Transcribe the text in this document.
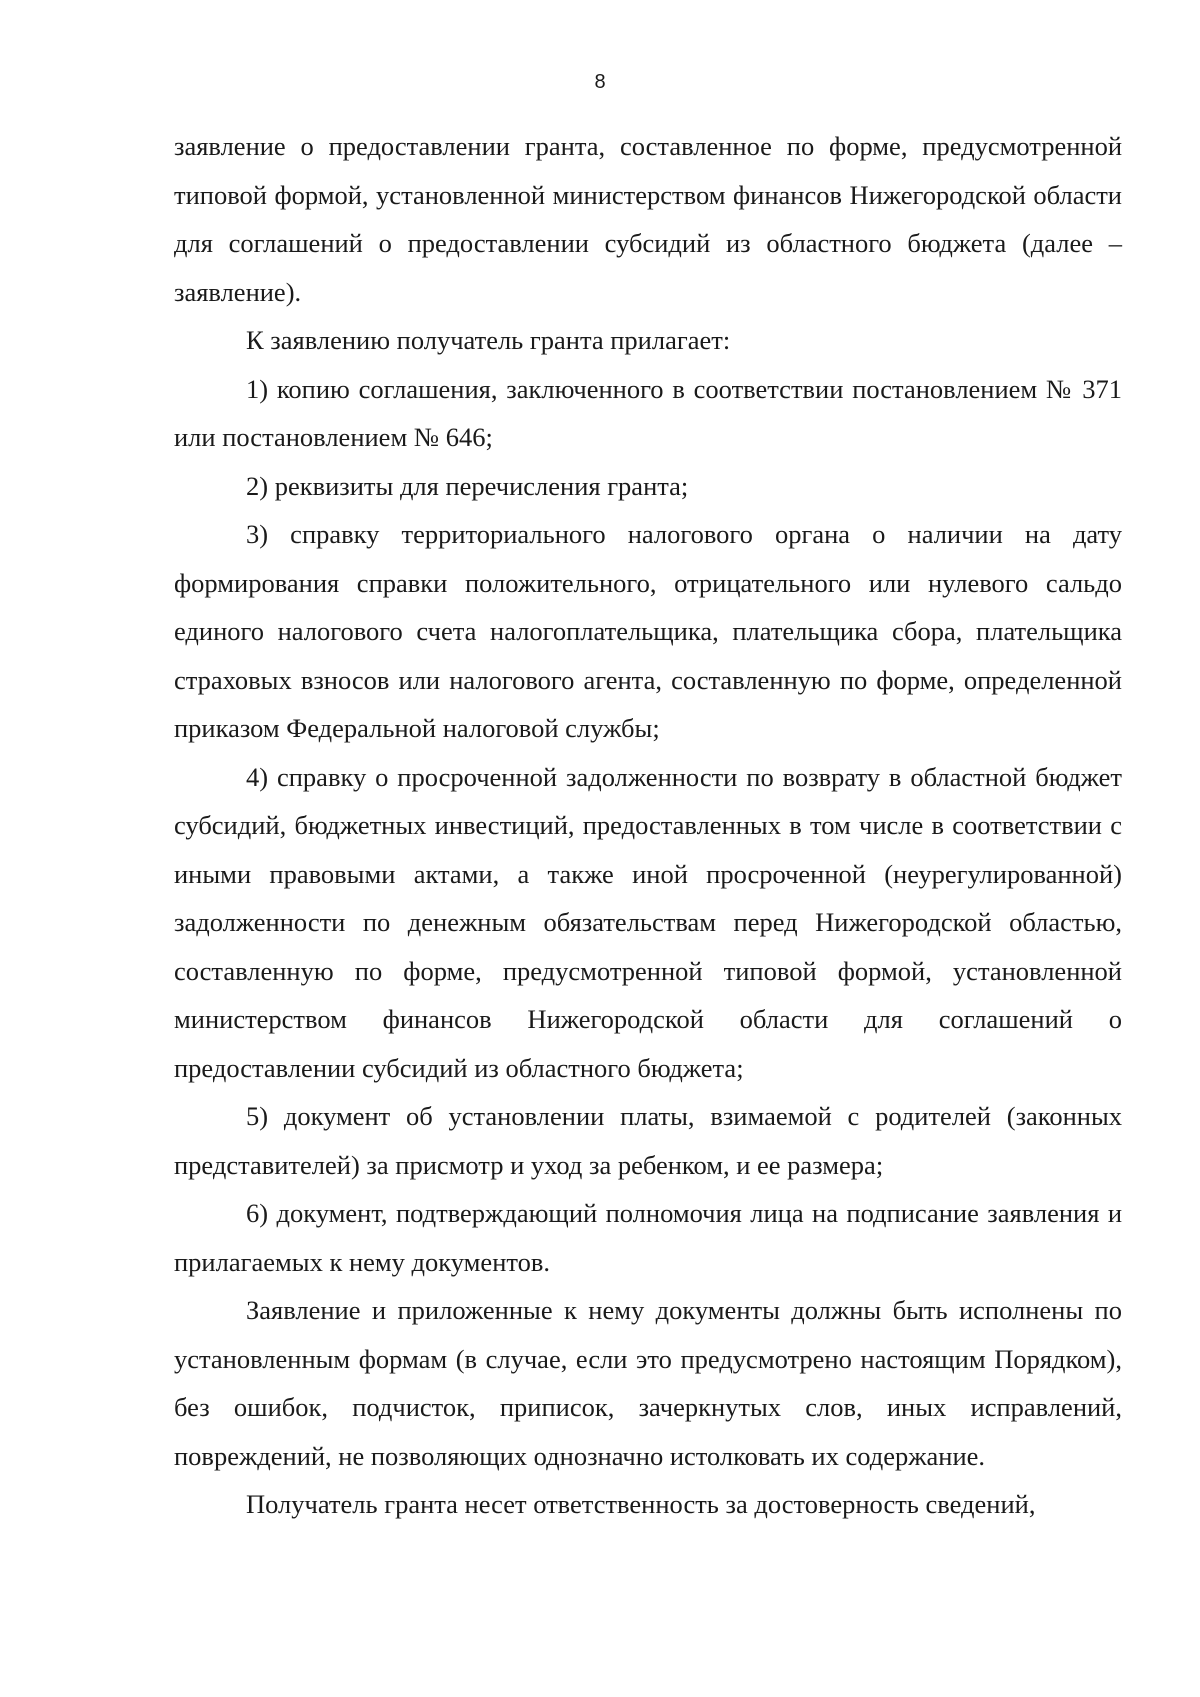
8

заявление о предоставлении гранта, составленное по форме, предусмотренной типовой формой, установленной министерством финансов Нижегородской области для соглашений о предоставлении субсидий из областного бюджета (далее – заявление).

К заявлению получатель гранта прилагает:

1) копию соглашения, заключенного в соответствии постановлением № 371 или постановлением № 646;

2) реквизиты для перечисления гранта;

3) справку территориального налогового органа о наличии на дату формирования справки положительного, отрицательного или нулевого сальдо единого налогового счета налогоплательщика, плательщика сбора, плательщика страховых взносов или налогового агента, составленную по форме, определенной приказом Федеральной налоговой службы;

4) справку о просроченной задолженности по возврату в областной бюджет субсидий, бюджетных инвестиций, предоставленных в том числе в соответствии с иными правовыми актами, а также иной просроченной (неурегулированной) задолженности по денежным обязательствам перед Нижегородской областью, составленную по форме, предусмотренной типовой формой, установленной министерством финансов Нижегородской области для соглашений о предоставлении субсидий из областного бюджета;

5) документ об установлении платы, взимаемой с родителей (законных представителей) за присмотр и уход за ребенком, и ее размера;

6) документ, подтверждающий полномочия лица на подписание заявления и прилагаемых к нему документов.

Заявление и приложенные к нему документы должны быть исполнены по установленным формам (в случае, если это предусмотрено настоящим Порядком), без ошибок, подчисток, приписок, зачеркнутых слов, иных исправлений, повреждений, не позволяющих однозначно истолковать их содержание.

Получатель гранта несет ответственность за достоверность сведений,
